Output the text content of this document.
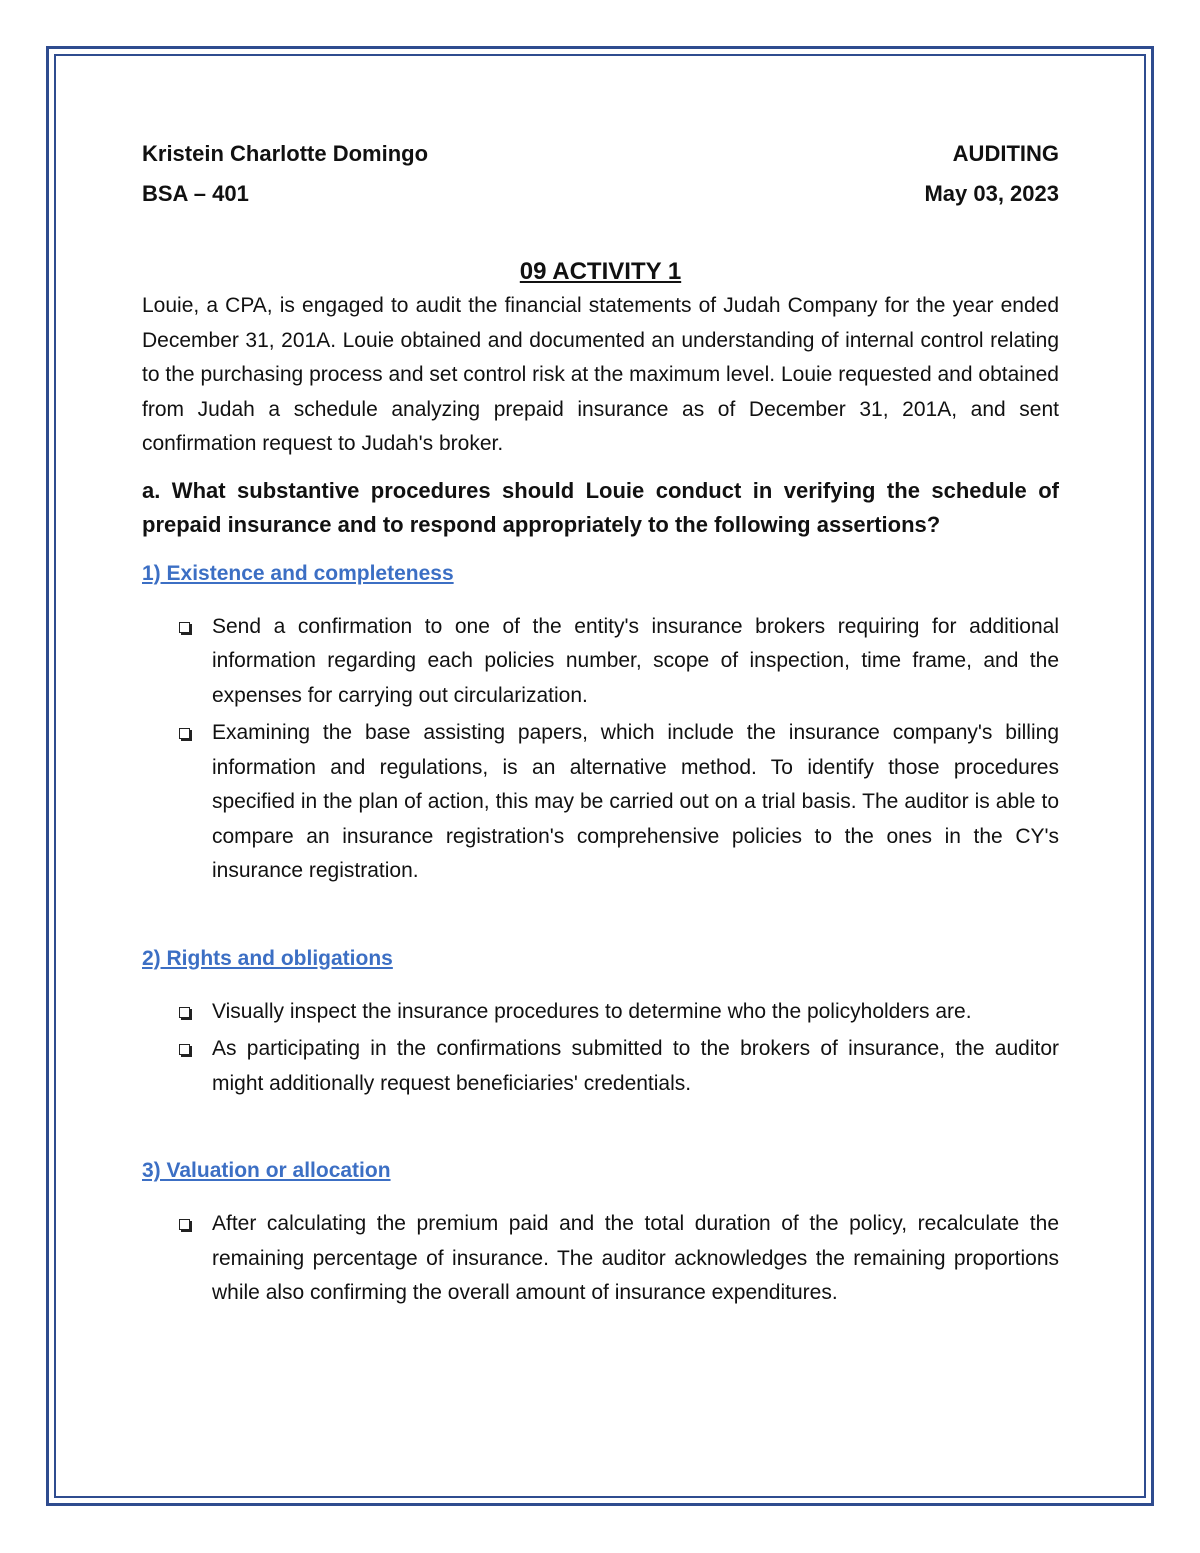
Kristein Charlotte Domingo	AUDITING
BSA – 401	May 03, 2023
09 ACTIVITY 1

Louie, a CPA, is engaged to audit the financial statements of Judah Company for the year ended December 31, 201A. Louie obtained and documented an understanding of internal control relating to the purchasing process and set control risk at the maximum level. Louie requested and obtained from Judah a schedule analyzing prepaid insurance as of December 31, 201A, and sent confirmation request to Judah's broker.

a. What substantive procedures should Louie conduct in verifying the schedule of prepaid insurance and to respond appropriately to the following assertions?
1) Existence and completeness
Send a confirmation to one of the entity's insurance brokers requiring for additional information regarding each policies number, scope of inspection, time frame, and the expenses for carrying out circularization.
Examining the base assisting papers, which include the insurance company's billing information and regulations, is an alternative method. To identify those procedures specified in the plan of action, this may be carried out on a trial basis. The auditor is able to compare an insurance registration's comprehensive policies to the ones in the CY's insurance registration.
2) Rights and obligations
Visually inspect the insurance procedures to determine who the policyholders are.
As participating in the confirmations submitted to the brokers of insurance, the auditor might additionally request beneficiaries' credentials.
3) Valuation or allocation
After calculating the premium paid and the total duration of the policy, recalculate the remaining percentage of insurance. The auditor acknowledges the remaining proportions while also confirming the overall amount of insurance expenditures.
